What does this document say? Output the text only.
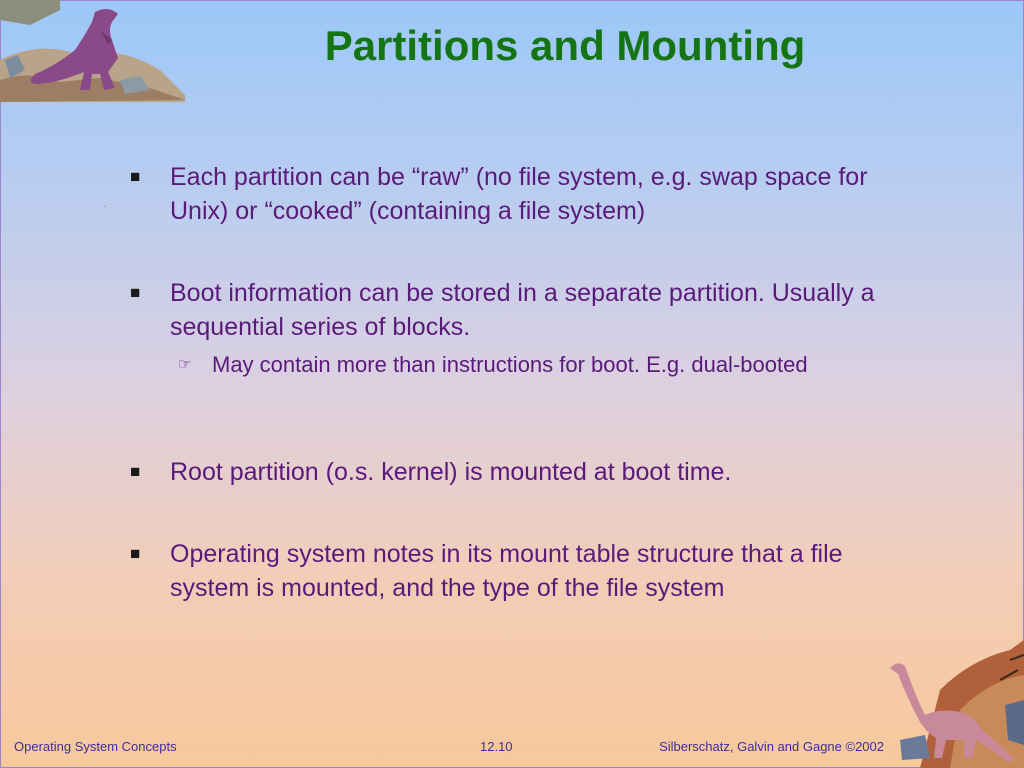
Partitions and Mounting
`
■	Each partition can be “raw” (no file system, e.g. swap space for Unix) or “cooked” (containing a file system)
■	Boot information can be stored in a separate partition. Usually a sequential series of blocks.
☞ May contain more than instructions for boot. E.g. dual-booted
■	Root partition (o.s. kernel) is mounted at boot time.
■	Operating system notes in its mount table structure that a file system is mounted, and the type of the file system
Operating System Concepts	12.10	Silberschatz, Galvin and Gagne ©2002
